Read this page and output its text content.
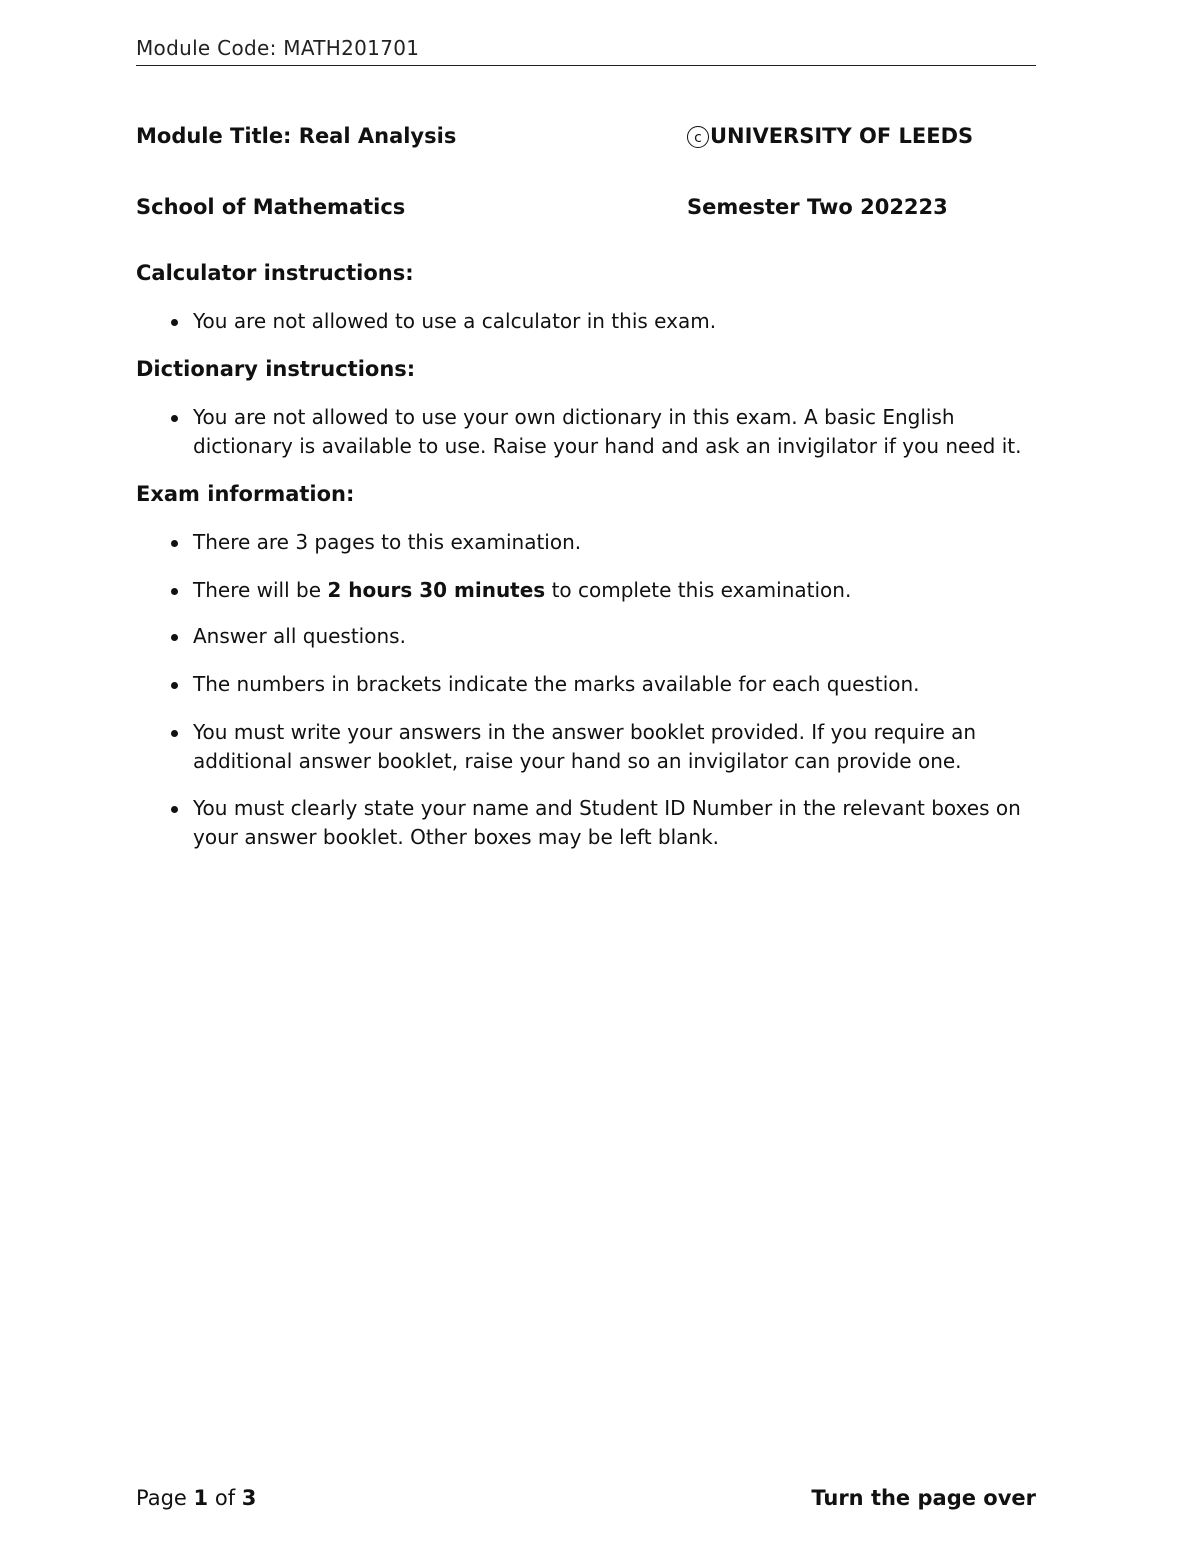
Module Code: MATH201701
Module Title: Real Analysis	c UNIVERSITY OF LEEDS
School of Mathematics	Semester Two 202223
Calculator instructions:
You are not allowed to use a calculator in this exam.
Dictionary instructions:
You are not allowed to use your own dictionary in this exam. A basic English dictionary is available to use. Raise your hand and ask an invigilator if you need it.
Exam information:
There are 3 pages to this examination.
There will be 2 hours 30 minutes to complete this examination.
Answer all questions.
The numbers in brackets indicate the marks available for each question.
You must write your answers in the answer booklet provided. If you require an additional answer booklet, raise your hand so an invigilator can provide one.
You must clearly state your name and Student ID Number in the relevant boxes on your answer booklet. Other boxes may be left blank.
Page 1 of 3	Turn the page over
